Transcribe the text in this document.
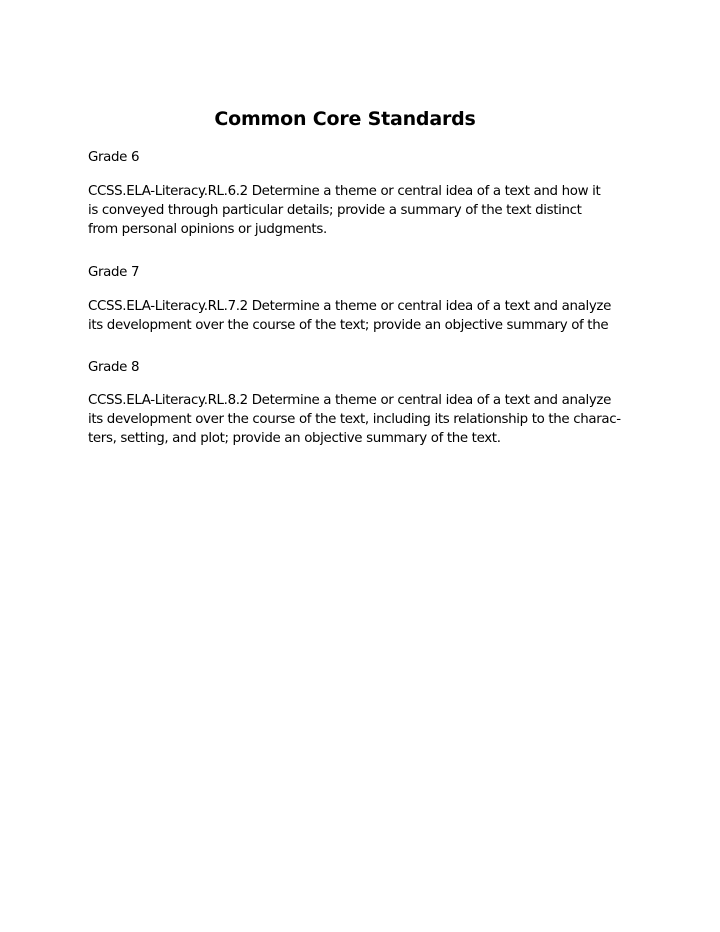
Common Core Standards

Grade 6

CCSS.ELA-Literacy.RL.6.2 Determine a theme or central idea of a text and how it
is conveyed through particular details; provide a summary of the text distinct
from personal opinions or judgments.

Grade 7

CCSS.ELA-Literacy.RL.7.2 Determine a theme or central idea of a text and analyze
its development over the course of the text; provide an objective summary of the

Grade 8

CCSS.ELA-Literacy.RL.8.2 Determine a theme or central idea of a text and analyze
its development over the course of the text, including its relationship to the charac-
ters, setting, and plot; provide an objective summary of the text.
